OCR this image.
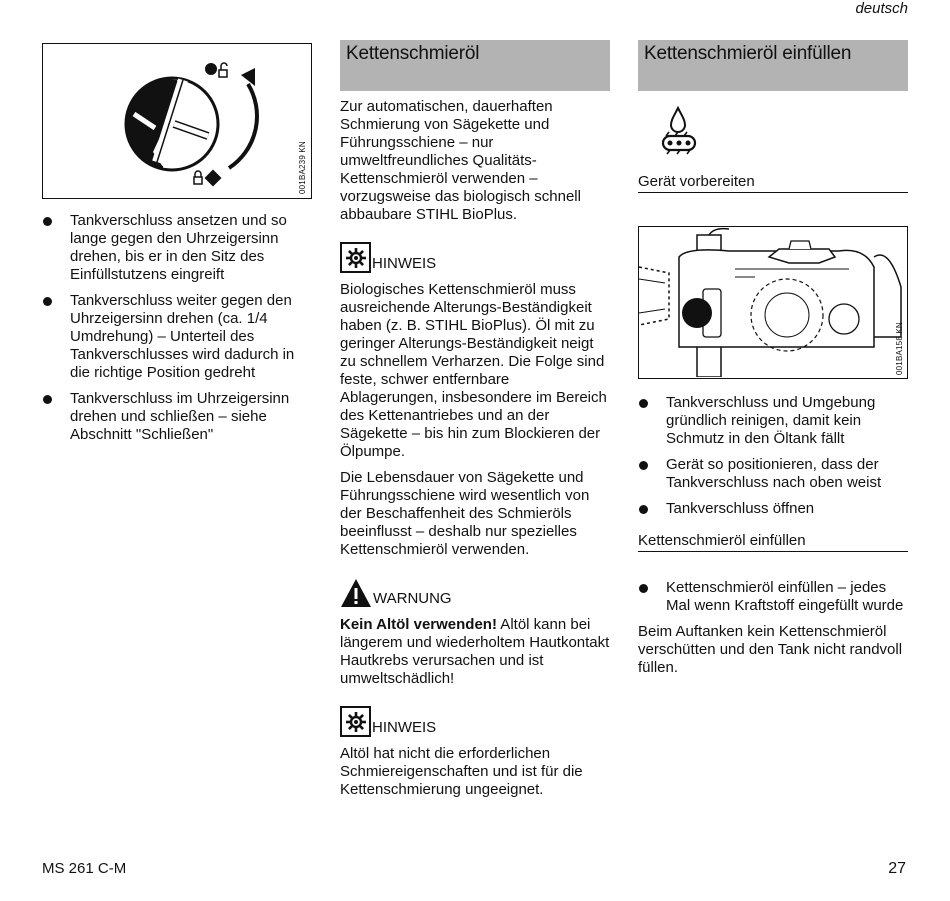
deutsch
001BA239 KN
Tankverschluss ansetzen und so lange gegen den Uhrzeigersinn drehen, bis er in den Sitz des Einfüllstutzens eingreift
Tankverschluss weiter gegen den Uhrzeigersinn drehen (ca. 1/4 Umdrehung) – Unterteil des Tankverschlusses wird dadurch in die richtige Position gedreht
Tankverschluss im Uhrzeigersinn drehen und schließen – siehe Abschnitt "Schließen"
Kettenschmieröl

Zur automatischen, dauerhaften Schmierung von Sägekette und Führungsschiene – nur umweltfreundliches Qualitäts-Kettenschmieröl verwenden – vorzugsweise das biologisch schnell abbaubare STIHL BioPlus.

HINWEIS

Biologisches Kettenschmieröl muss ausreichende Alterungs-Beständigkeit haben (z. B. STIHL BioPlus). Öl mit zu geringer Alterungs-Beständigkeit neigt zu schnellem Verharzen. Die Folge sind feste, schwer entfernbare Ablagerungen, insbesondere im Bereich des Kettenantriebes und an der Sägekette – bis hin zum Blockieren der Ölpumpe.

Die Lebensdauer von Sägekette und Führungsschiene wird wesentlich von der Beschaffenheit des Schmieröls beeinflusst – deshalb nur spezielles Kettenschmieröl verwenden.

WARNUNG

Kein Altöl verwenden! Altöl kann bei längerem und wiederholtem Hautkontakt Hautkrebs verursachen und ist umweltschädlich!

HINWEIS

Altöl hat nicht die erforderlichen Schmiereigenschaften und ist für die Kettenschmierung ungeeignet.

Kettenschmieröl einfüllen
Gerät vorbereiten
001BA158 KN
Tankverschluss und Umgebung gründlich reinigen, damit kein Schmutz in den Öltank fällt
Gerät so positionieren, dass der Tankverschluss nach oben weist
Tankverschluss öffnen
Kettenschmieröl einfüllen
Kettenschmieröl einfüllen – jedes Mal wenn Kraftstoff eingefüllt wurde

Beim Auftanken kein Kettenschmieröl verschütten und den Tank nicht randvoll füllen.

MS 261 C-M	27
